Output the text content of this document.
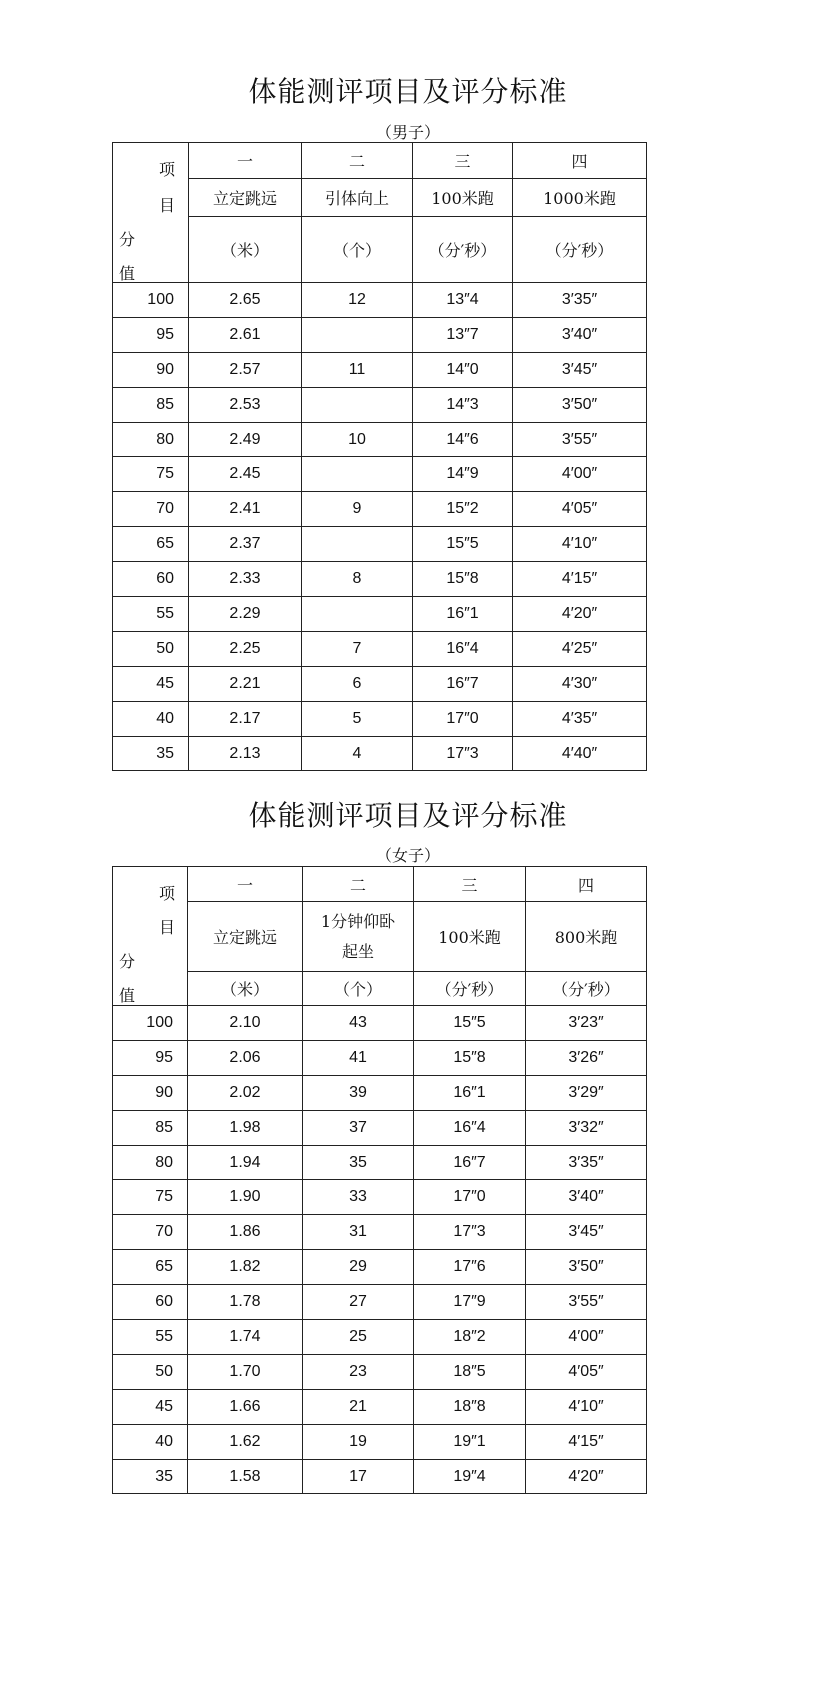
体能测评项目及评分标准
（男子）
项
目
分
值	一	二	三	四
	立定跳远	引体向上	100米跑	1000米跑
	（米）	（个）	（分′秒）	（分′秒）
100	2.65	12	13″4	3′35″
95	2.61		13″7	3′40″
90	2.57	11	14″0	3′45″
85	2.53		14″3	3′50″
80	2.49	10	14″6	3′55″
75	2.45		14″9	4′00″
70	2.41	9	15″2	4′05″
65	2.37		15″5	4′10″
60	2.33	8	15″8	4′15″
55	2.29		16″1	4′20″
50	2.25	7	16″4	4′25″
45	2.21	6	16″7	4′30″
40	2.17	5	17″0	4′35″
35	2.13	4	17″3	4′40″
体能测评项目及评分标准
（女子）
项
目
分
值	一	二	三	四
	立定跳远	1分钟仰卧起坐	100米跑	800米跑
	（米）	（个）	（分′秒）	（分′秒）
100	2.10	43	15″5	3′23″
95	2.06	41	15″8	3′26″
90	2.02	39	16″1	3′29″
85	1.98	37	16″4	3′32″
80	1.94	35	16″7	3′35″
75	1.90	33	17″0	3′40″
70	1.86	31	17″3	3′45″
65	1.82	29	17″6	3′50″
60	1.78	27	17″9	3′55″
55	1.74	25	18″2	4′00″
50	1.70	23	18″5	4′05″
45	1.66	21	18″8	4′10″
40	1.62	19	19″1	4′15″
35	1.58	17	19″4	4′20″
